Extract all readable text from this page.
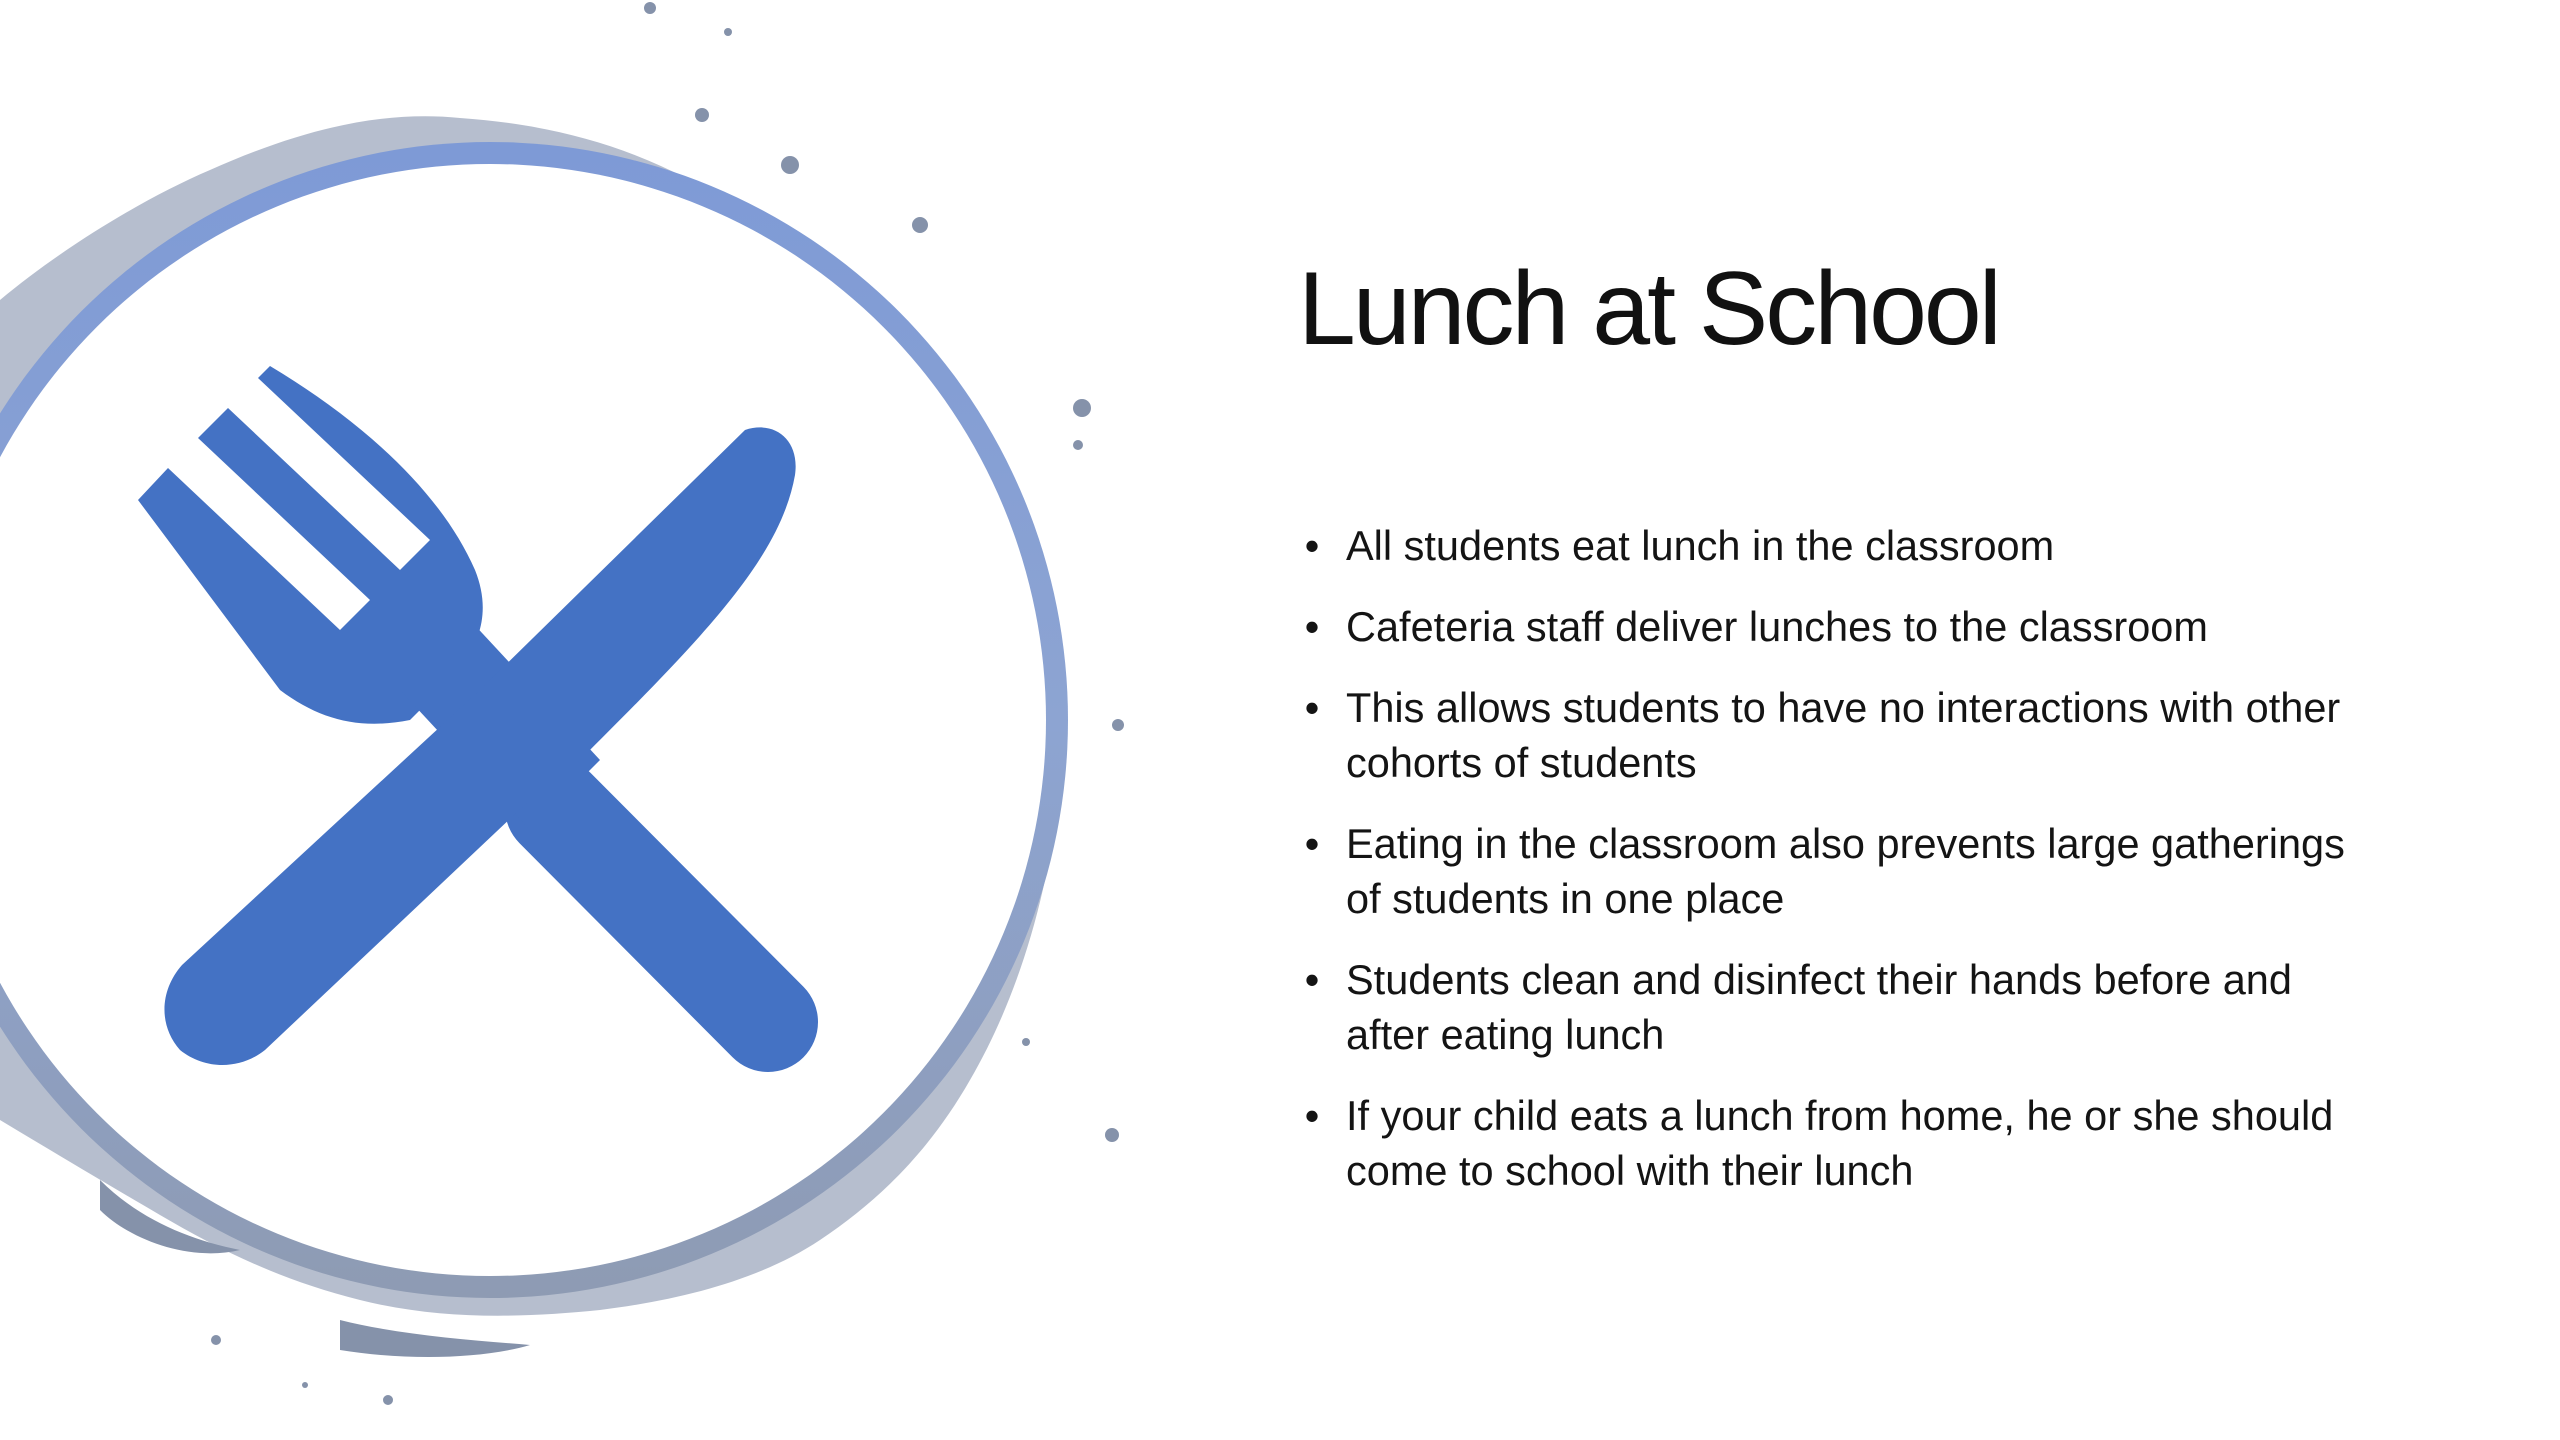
Lunch at School
• All students eat lunch in the classroom
• Cafeteria staff deliver lunches to the classroom
• This allows students to have no interactions with other cohorts of students
• Eating in the classroom also prevents large gatherings of students in one place
• Students clean and disinfect their hands before and after eating lunch
• If your child eats a lunch from home, he or she should come to school with their lunch
